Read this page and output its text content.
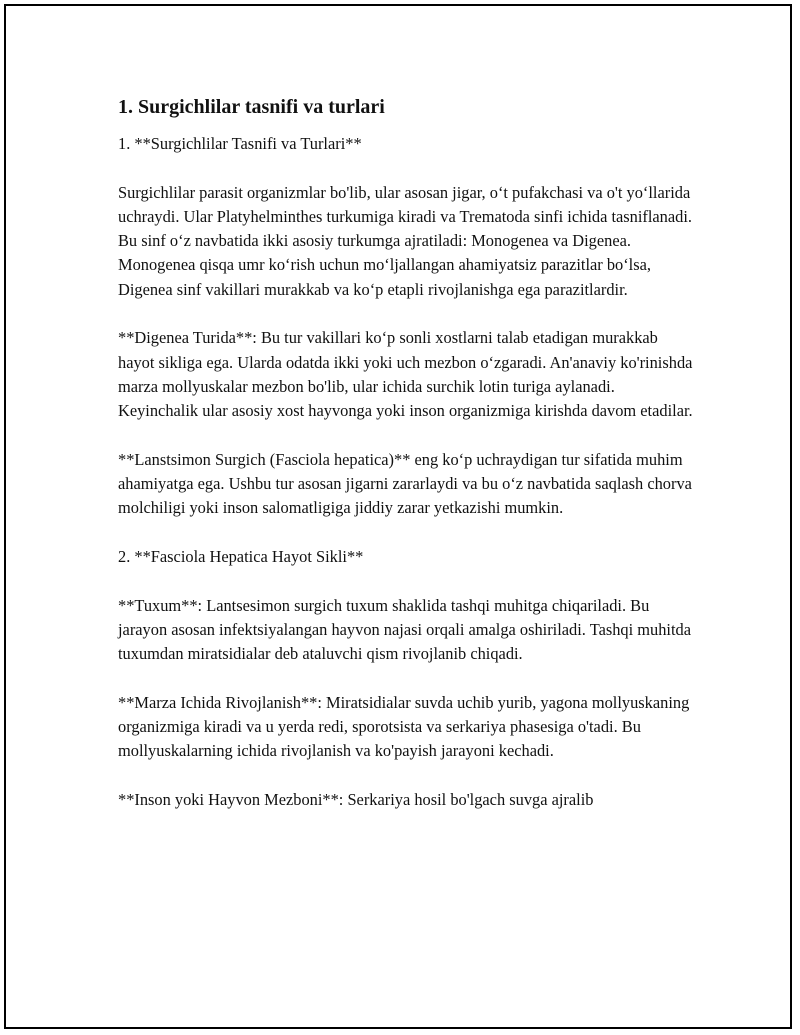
1. Surgichlilar tasnifi va turlari

1. **Surgichlilar Tasnifi va Turlari**

Surgichlilar parasit organizmlar bo'lib, ular asosan jigar, o‘t pufakchasi va o't yo‘llarida uchraydi. Ular Platyhelminthes turkumiga kiradi va Trematoda sinfi ichida tasniflanadi. Bu sinf o‘z navbatida ikki asosiy turkumga ajratiladi: Monogenea va Digenea. Monogenea qisqa umr ko‘rish uchun mo‘ljallangan ahamiyatsiz parazitlar bo‘lsa, Digenea sinf vakillari murakkab va ko‘p etapli rivojlanishga ega parazitlardir.

**Digenea Turida**: Bu tur vakillari ko‘p sonli xostlarni talab etadigan murakkab hayot sikliga ega. Ularda odatda ikki yoki uch mezbon o‘zgaradi. An'anaviy ko'rinishda marza mollyuskalar mezbon bo'lib, ular ichida surchik lotin turiga aylanadi. Keyinchalik ular asosiy xost hayvonga yoki inson organizmiga kirishda davom etadilar.

**Lanstsimon Surgich (Fasciola hepatica)** eng ko‘p uchraydigan tur sifatida muhim ahamiyatga ega. Ushbu tur asosan jigarni zararlaydi va bu o‘z navbatida saqlash chorva molchiligi yoki inson salomatligiga jiddiy zarar yetkazishi mumkin.

2. **Fasciola Hepatica Hayot Sikli**

**Tuxum**: Lantsesimon surgich tuxum shaklida tashqi muhitga chiqariladi. Bu jarayon asosan infektsiyalangan hayvon najasi orqali amalga oshiriladi. Tashqi muhitda tuxumdan miratsidialar deb ataluvchi qism rivojlanib chiqadi.

**Marza Ichida Rivojlanish**: Miratsidialar suvda uchib yurib, yagona mollyuskaning organizmiga kiradi va u yerda redi, sporotsista va serkariya phasesiga o'tadi. Bu mollyuskalarning ichida rivojlanish va ko'payish jarayoni kechadi.

**Inson yoki Hayvon Mezboni**: Serkariya hosil bo'lgach suvga ajralib
